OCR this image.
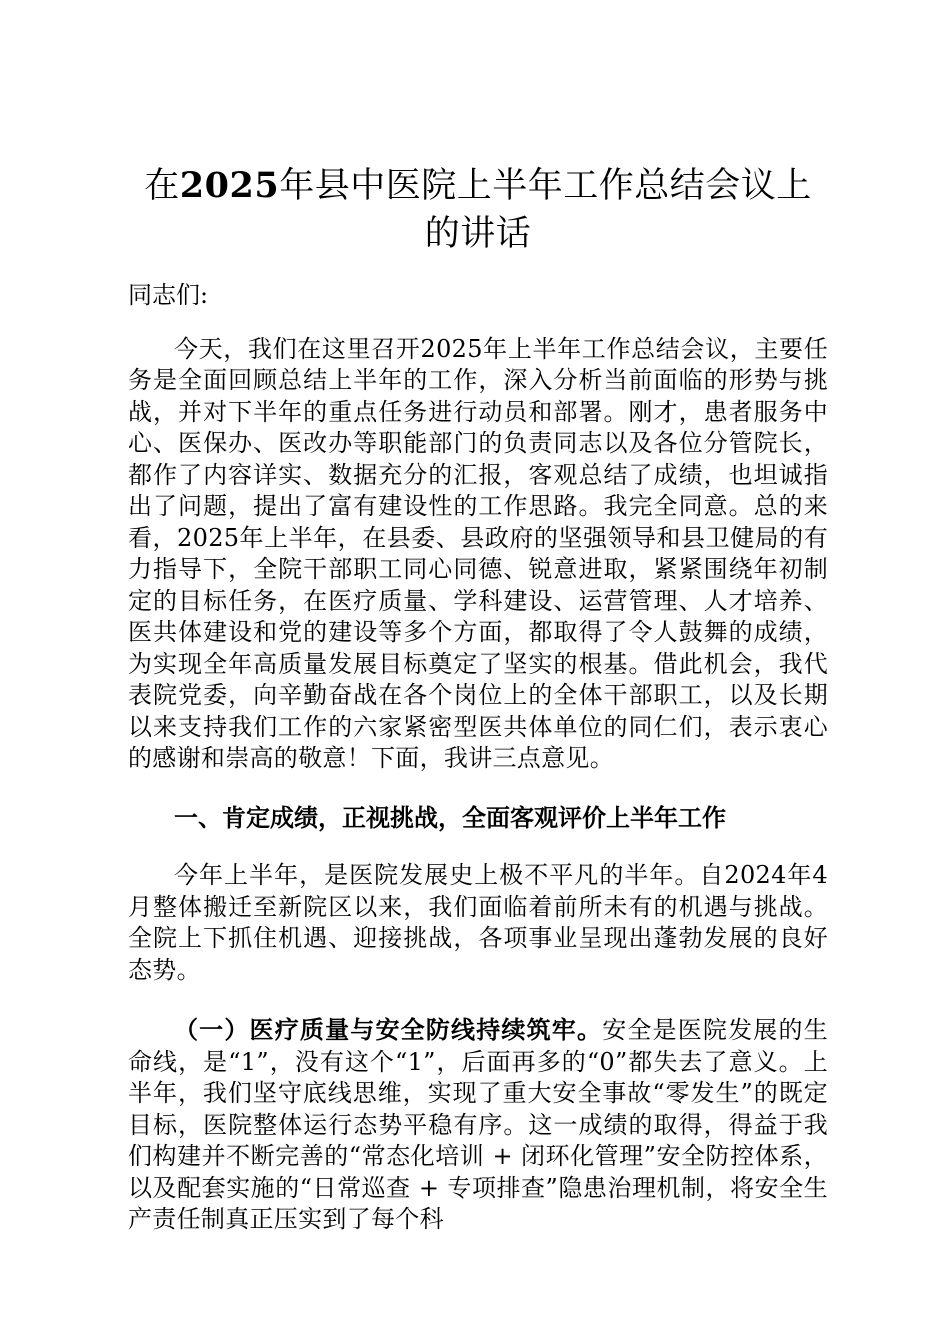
在2025年县中医院上半年工作总结会议上的讲话

同志们:

今天，我们在这里召开2025年上半年工作总结会议，主要任务是全面回顾总结上半年的工作，深入分析当前面临的形势与挑战，并对下半年的重点任务进行动员和部署。刚才，患者服务中心、医保办、医改办等职能部门的负责同志以及各位分管院长，都作了内容详实、数据充分的汇报，客观总结了成绩，也坦诚指出了问题，提出了富有建设性的工作思路。我完全同意。总的来看，2025年上半年，在县委、县政府的坚强领导和县卫健局的有力指导下，全院干部职工同心同德、锐意进取，紧紧围绕年初制定的目标任务，在医疗质量、学科建设、运营管理、人才培养、医共体建设和党的建设等多个方面，都取得了令人鼓舞的成绩，为实现全年高质量发展目标奠定了坚实的根基。借此机会，我代表院党委，向辛勤奋战在各个岗位上的全体干部职工，以及长期以来支持我们工作的六家紧密型医共体单位的同仁们，表示衷心的感谢和崇高的敬意！下面，我讲三点意见。

一、肯定成绩，正视挑战，全面客观评价上半年工作

今年上半年，是医院发展史上极不平凡的半年。自2024年4月整体搬迁至新院区以来，我们面临着前所未有的机遇与挑战。全院上下抓住机遇、迎接挑战，各项事业呈现出蓬勃发展的良好态势。

（一）医疗质量与安全防线持续筑牢。安全是医院发展的生命线，是“1”，没有这个“1”，后面再多的“0”都失去了意义。上半年，我们坚守底线思维，实现了重大安全事故“零发生”的既定目标，医院整体运行态势平稳有序。这一成绩的取得，得益于我们构建并不断完善的“常态化培训 + 闭环化管理”安全防控体系，以及配套实施的“日常巡查 + 专项排查”隐患治理机制，将安全生产责任制真正压实到了每个科
